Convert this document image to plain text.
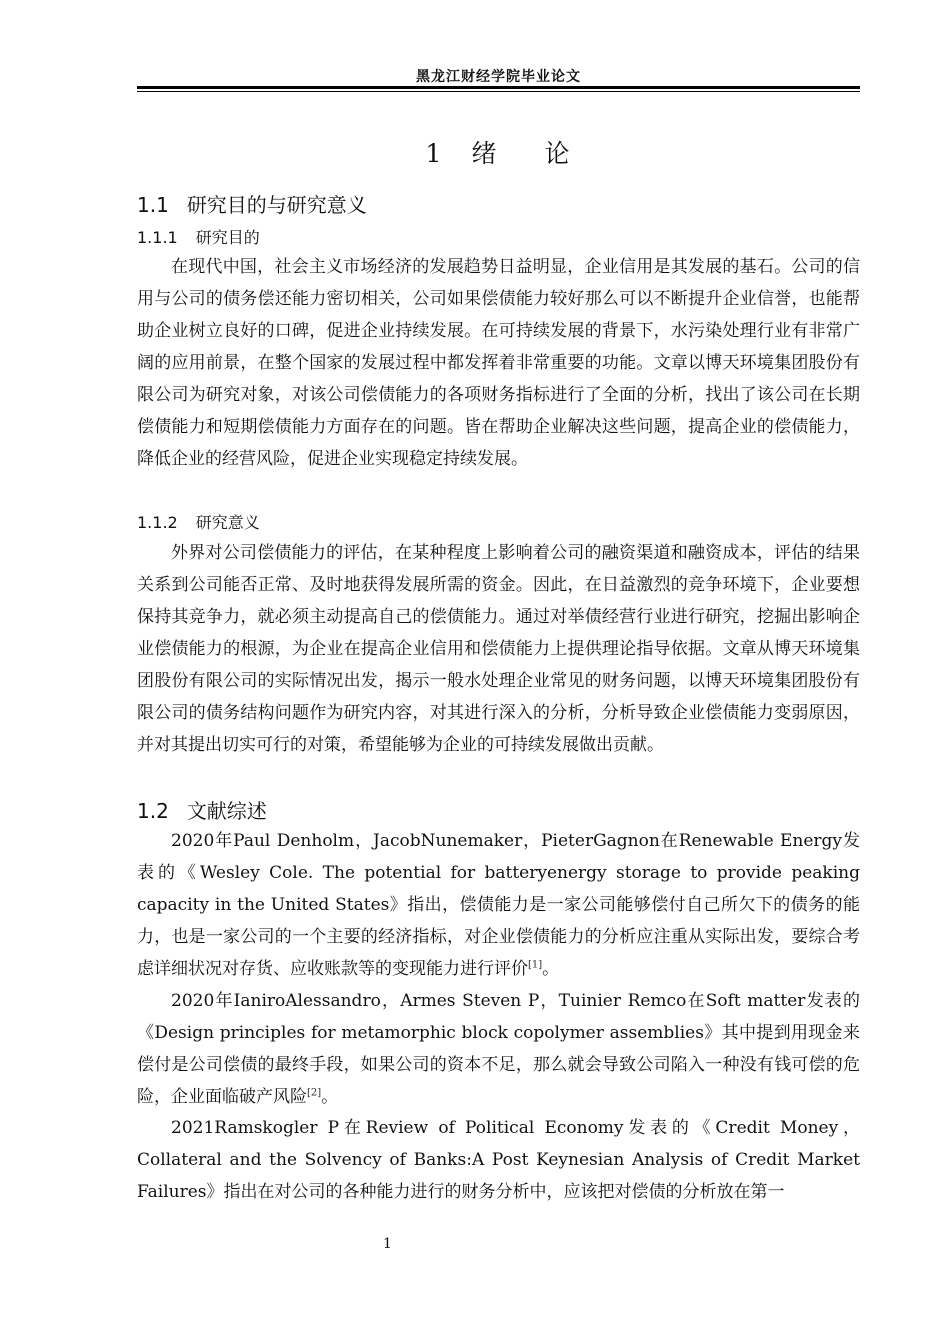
黑龙江财经学院毕业论文
1 绪 论
1.1 研究目的与研究意义
1.1.1 研究目的

在现代中国，社会主义市场经济的发展趋势日益明显，企业信用是其发展的基石。公司的信用与公司的债务偿还能力密切相关，公司如果偿债能力较好那么可以不断提升企业信誉，也能帮助企业树立良好的口碑，促进企业持续发展。在可持续发展的背景下，水污染处理行业有非常广阔的应用前景，在整个国家的发展过程中都发挥着非常重要的功能。文章以博天环境集团股份有限公司为研究对象，对该公司偿债能力的各项财务指标进行了全面的分析，找出了该公司在长期偿债能力和短期偿债能力方面存在的问题。皆在帮助企业解决这些问题，提高企业的偿债能力，降低企业的经营风险，促进企业实现稳定持续发展。

1.1.2 研究意义

外界对公司偿债能力的评估，在某种程度上影响着公司的融资渠道和融资成本，评估的结果关系到公司能否正常、及时地获得发展所需的资金。因此，在日益激烈的竞争环境下，企业要想保持其竞争力，就必须主动提高自己的偿债能力。通过对举债经营行业进行研究，挖掘出影响企业偿债能力的根源，为企业在提高企业信用和偿债能力上提供理论指导依据。文章从博天环境集团股份有限公司的实际情况出发，揭示一般水处理企业常见的财务问题，以博天环境集团股份有限公司的债务结构问题作为研究内容，对其进行深入的分析，分析导致企业偿债能力变弱原因，并对其提出切实可行的对策，希望能够为企业的可持续发展做出贡献。

1.2 文献综述

2020年Paul Denholm，JacobNunemaker，PieterGagnon在Renewable Energy发表的《Wesley Cole. The potential for batteryenergy storage to provide peaking capacity in the United States》指出，偿债能力是一家公司能够偿付自己所欠下的债务的能力，也是一家公司的一个主要的经济指标，对企业偿债能力的分析应注重从实际出发，要综合考虑详细状况对存货、应收账款等的变现能力进行评价[1]。

2020年IaniroAlessandro，Armes Steven P，Tuinier Remco在Soft matter发表的《Design principles for metamorphic block copolymer assemblies》其中提到用现金来偿付是公司偿债的最终手段，如果公司的资本不足，那么就会导致公司陷入一种没有钱可偿的危险，企业面临破产风险[2]。

2021Ramskogler P在Review of Political Economy发表的《Credit Money，Collateral and the Solvency of Banks:A Post Keynesian Analysis of Credit Market Failures》指出在对公司的各种能力进行的财务分析中，应该把对偿债的分析放在第一

1
